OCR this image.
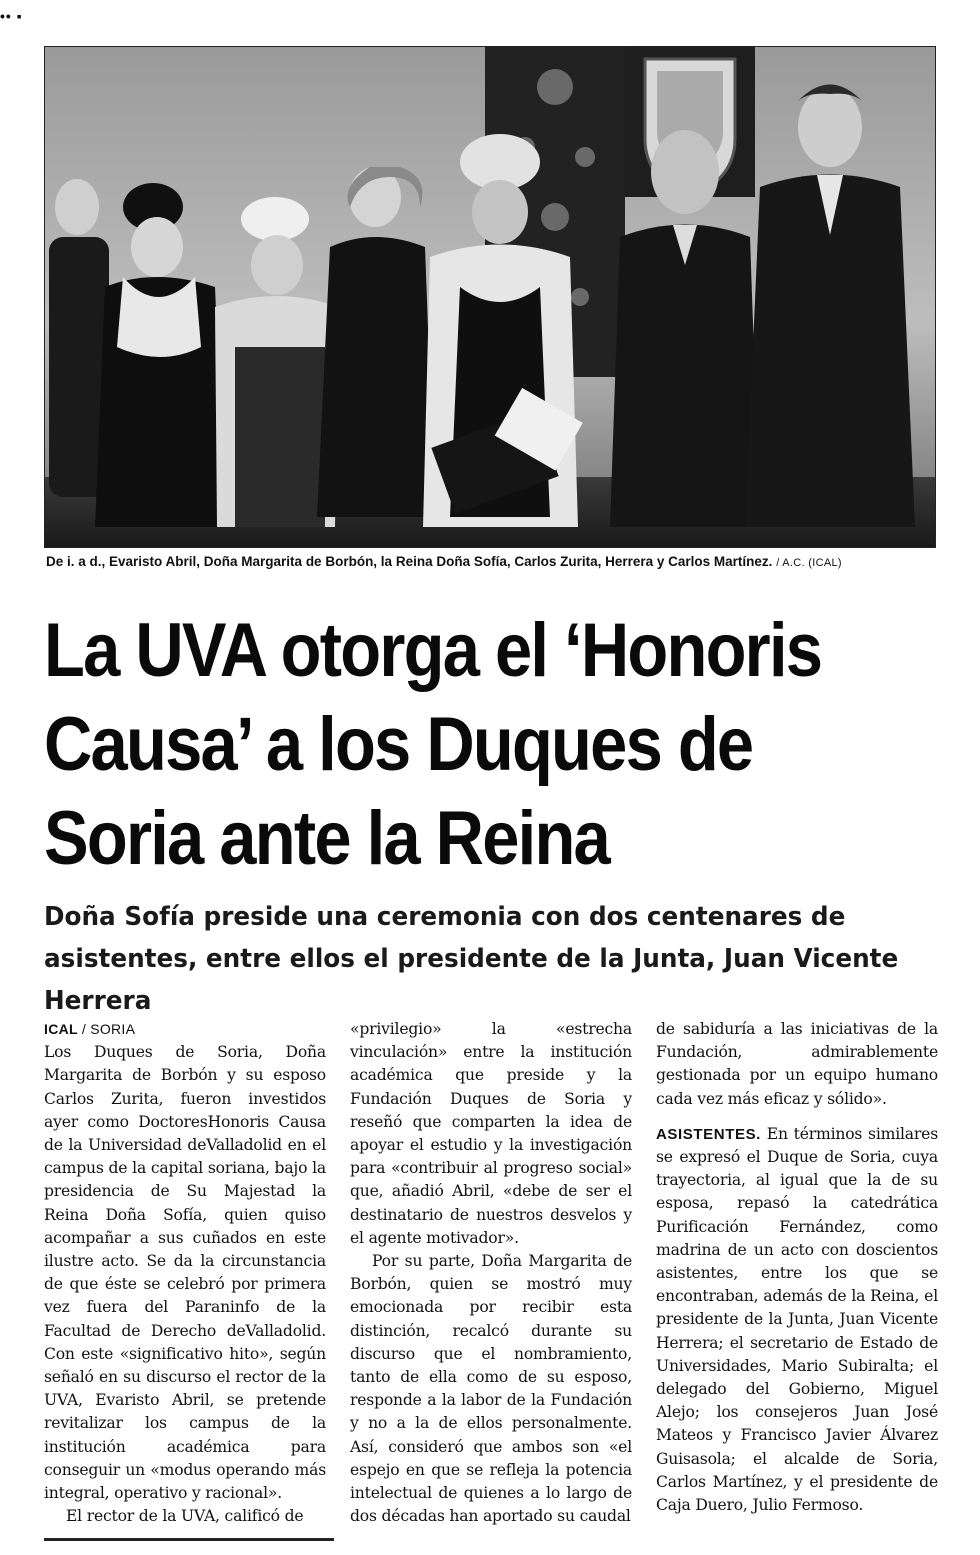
•• ▪
De i. a d., Evaristo Abril, Doña Margarita de Borbón, la Reina Doña Sofía, Carlos Zurita, Herrera y Carlos Martínez. / A.C. (ICAL)
La UVA otorga el ‘Honoris
Causa’ a los Duques de
Soria ante la Reina
Doña Sofía preside una ceremonia con dos centenares de
asistentes, entre ellos el presidente de la Junta, Juan Vicente Herrera

ICAL / SORIA

Los Duques de Soria, Doña Margarita de Borbón y su esposo Carlos Zurita, fueron investidos ayer como DoctoresHonoris Causa de la Universidad deValladolid en el campus de la capital soriana, bajo la presidencia de Su Majestad la Reina Doña Sofía, quien quiso acompañar a sus cuñados en este ilustre acto. Se da la circunstancia de que éste se celebró por primera vez fuera del Paraninfo de la Facultad de Derecho deValladolid. Con este «significativo hito», según señaló en su discurso el rector de la UVA, Evaristo Abril, se pretende revitalizar los campus de la institución académica para conseguir un «modus operando más integral, operativo y racional».

El rector de la UVA, calificó de

«privilegio» la «estrecha vinculación» entre la institución académica que preside y la Fundación Duques de Soria y reseñó que comparten la idea de apoyar el estudio y la investigación para «contribuir al progreso social» que, añadió Abril, «debe de ser el destinatario de nuestros desvelos y el agente motivador».

Por su parte, Doña Margarita de Borbón, quien se mostró muy emocionada por recibir esta distinción, recalcó durante su discurso que el nombramiento, tanto de ella como de su esposo, responde a la labor de la Fundación y no a la de ellos personalmente. Así, consideró que ambos son «el espejo en que se refleja la potencia intelectual de quienes a lo largo de dos décadas han aportado su caudal

de sabiduría a las iniciativas de la Fundación, admirablemente gestionada por un equipo humano cada vez más eficaz y sólido».

ASISTENTES. En términos similares se expresó el Duque de Soria, cuya trayectoria, al igual que la de su esposa, repasó la catedrática Purificación Fernández, como madrina de un acto con doscientos asistentes, entre los que se encontraban, además de la Reina, el presidente de la Junta, Juan Vicente Herrera; el secretario de Estado de Universidades, Mario Subiralta; el delegado del Gobierno, Miguel Alejo; los consejeros Juan José Mateos y Francisco Javier Álvarez Guisasola; el alcalde de Soria, Carlos Martínez, y el presidente de Caja Duero, Julio Fermoso.
